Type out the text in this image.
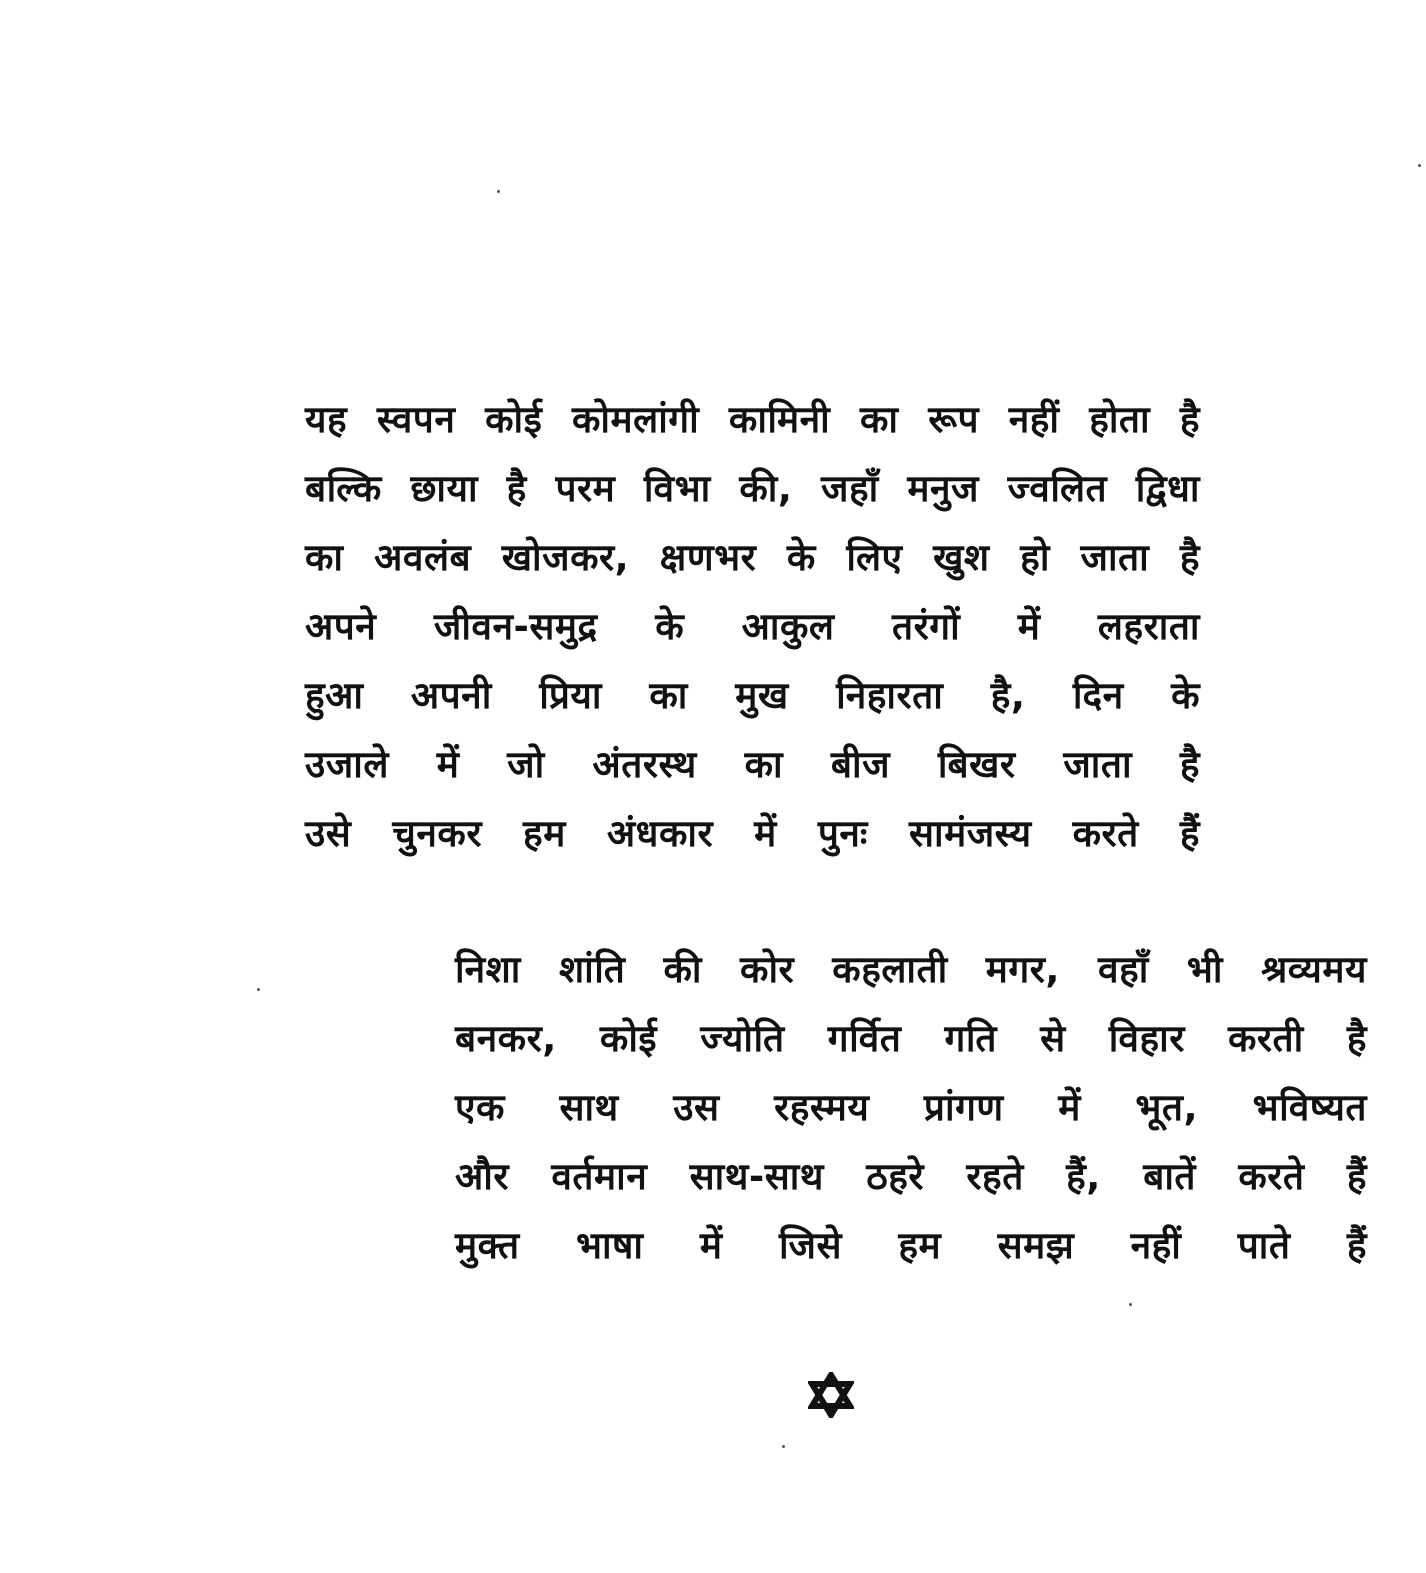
यह स्वपन कोई कोमलांगी कामिनी का रूप नहीं होता है
बल्कि छाया है परम विभा की, जहाँ मनुज ज्वलित द्विधा
का अवलंब खोजकर, क्षणभर के लिए खुश हो जाता है
अपने जीवन-समुद्र के आकुल तरंगों में लहराता
हुआ अपनी प्रिया का मुख निहारता है, दिन के
उजाले में जो अंतरस्थ का बीज बिखर जाता है
उसे चुनकर हम अंधकार में पुनः सामंजस्य करते हैं
निशा शांति की कोर कहलाती मगर, वहाँ भी श्रव्यमय
बनकर, कोई ज्योति गर्वित गति से विहार करती है
एक साथ उस रहस्मय प्रांगण में भूत, भविष्यत
और वर्तमान साथ-साथ ठहरे रहते हैं, बातें करते हैं
मुक्त भाषा में जिसे हम समझ नहीं पाते हैं
